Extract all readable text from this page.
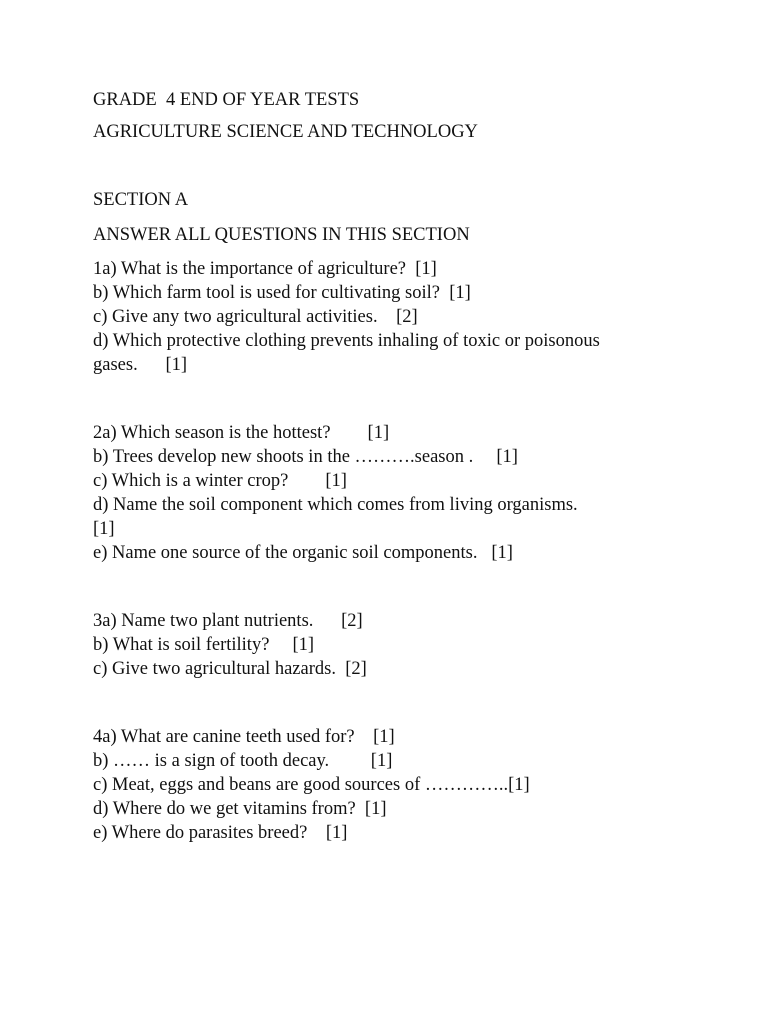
GRADE  4 END OF YEAR TESTS
AGRICULTURE SCIENCE AND TECHNOLOGY
SECTION A
ANSWER ALL QUESTIONS IN THIS SECTION
1a) What is the importance of agriculture?  [1]
b) Which farm tool is used for cultivating soil?  [1]
c) Give any two agricultural activities.    [2]
d) Which protective clothing prevents inhaling of toxic or poisonous
gases.      [1]
2a) Which season is the hottest?        [1]
b) Trees develop new shoots in the ……….season .     [1]
c) Which is a winter crop?        [1]
d) Name the soil component which comes from living organisms.
[1]
e) Name one source of the organic soil components.   [1]
3a) Name two plant nutrients.      [2]
b) What is soil fertility?     [1]
c) Give two agricultural hazards.  [2]
4a) What are canine teeth used for?    [1]
b) …… is a sign of tooth decay.         [1]
c) Meat, eggs and beans are good sources of …………..[1]
d) Where do we get vitamins from?  [1]
e) Where do parasites breed?    [1]
